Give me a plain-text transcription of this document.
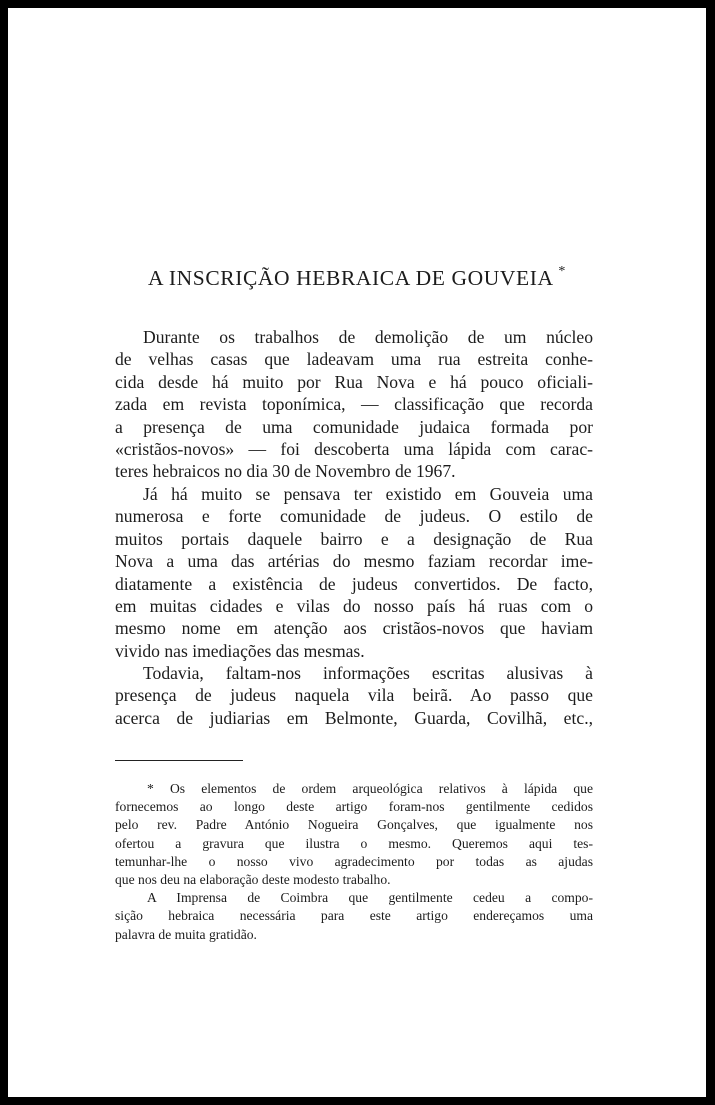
A INSCRIÇÃO HEBRAICA DE GOUVEIA *
Durante os trabalhos de demolição de um núcleo
de velhas casas que ladeavam uma rua estreita conhe-
cida desde há muito por Rua Nova e há pouco oficiali-
zada em revista toponímica, — classificação que recorda
a presença de uma comunidade judaica formada por
«cristãos-novos» — foi descoberta uma lápida com carac-
teres hebraicos no dia 30 de Novembro de 1967.
Já há muito se pensava ter existido em Gouveia uma
numerosa e forte comunidade de judeus. O estilo de
muitos portais daquele bairro e a designação de Rua
Nova a uma das artérias do mesmo faziam recordar ime-
diatamente a existência de judeus convertidos. De facto,
em muitas cidades e vilas do nosso país há ruas com o
mesmo nome em atenção aos cristãos-novos que haviam
vivido nas imediações das mesmas.
Todavia, faltam-nos informações escritas alusivas à
presença de judeus naquela vila beirã. Ao passo que
acerca de judiarias em Belmonte, Guarda, Covilhã, etc.,
* Os elementos de ordem arqueológica relativos à lápida que
fornecemos ao longo deste artigo foram-nos gentilmente cedidos
pelo rev. Padre António Nogueira Gonçalves, que igualmente nos
ofertou a gravura que ilustra o mesmo. Queremos aqui tes-
temunhar-lhe o nosso vivo agradecimento por todas as ajudas
que nos deu na elaboração deste modesto trabalho.
A Imprensa de Coimbra que gentilmente cedeu a compo-
sição hebraica necessária para este artigo endereçamos uma
palavra de muita gratidão.
